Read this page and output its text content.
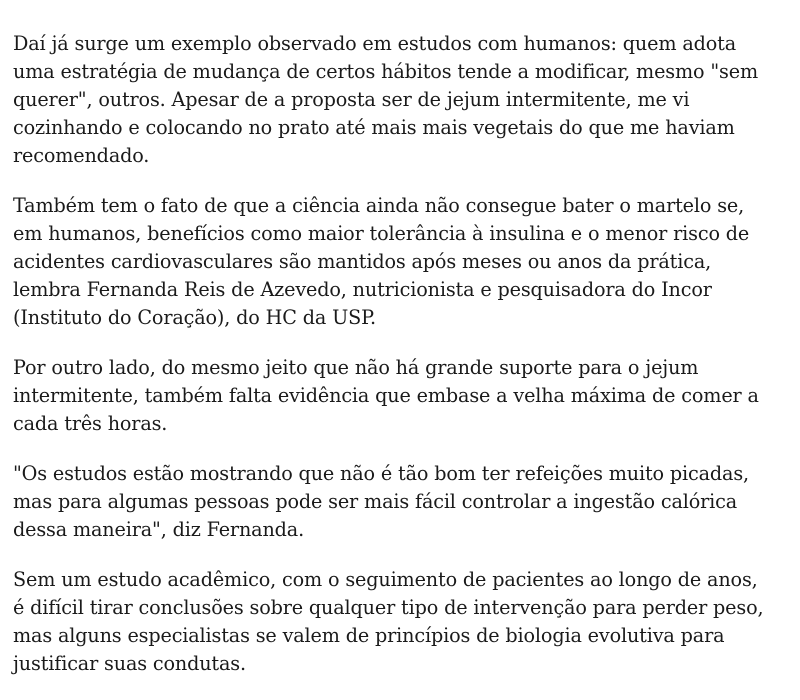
Daí já surge um exemplo observado em estudos com humanos: quem adota
uma estratégia de mudança de certos hábitos tende a modificar, mesmo "sem
querer", outros. Apesar de a proposta ser de jejum intermitente, me vi
cozinhando e colocando no prato até mais mais vegetais do que me haviam
recomendado.

Também tem o fato de que a ciência ainda não consegue bater o martelo se,
em humanos, benefícios como maior tolerância à insulina e o menor risco de
acidentes cardiovasculares são mantidos após meses ou anos da prática,
lembra Fernanda Reis de Azevedo, nutricionista e pesquisadora do Incor
(Instituto do Coração), do HC da USP.

Por outro lado, do mesmo jeito que não há grande suporte para o jejum
intermitente, também falta evidência que embase a velha máxima de comer a
cada três horas.

"Os estudos estão mostrando que não é tão bom ter refeições muito picadas,
mas para algumas pessoas pode ser mais fácil controlar a ingestão calórica
dessa maneira", diz Fernanda.

Sem um estudo acadêmico, com o seguimento de pacientes ao longo de anos,
é difícil tirar conclusões sobre qualquer tipo de intervenção para perder peso,
mas alguns especialistas se valem de princípios de biologia evolutiva para
justificar suas condutas.
